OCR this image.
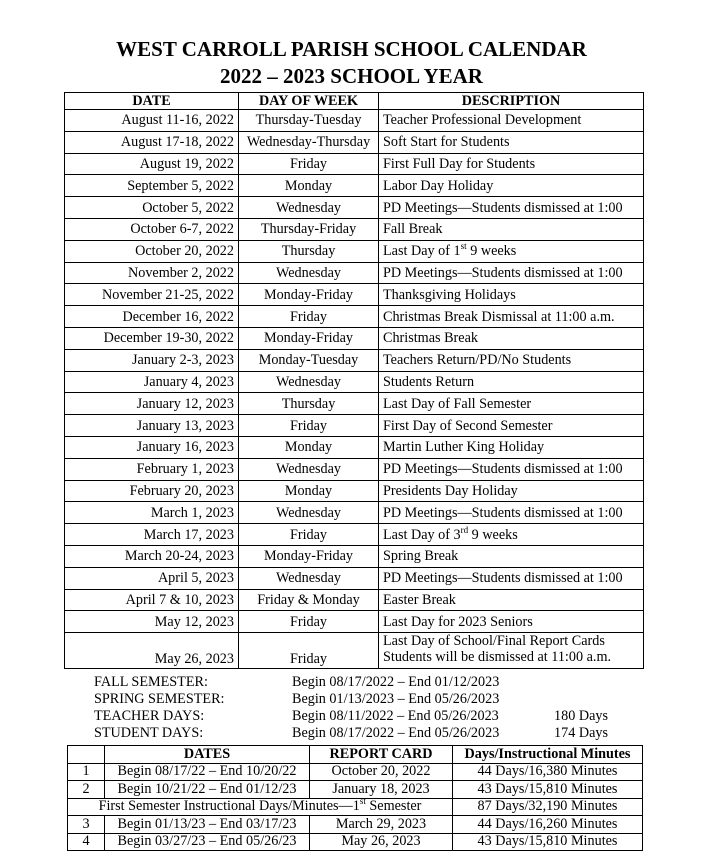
WEST CARROLL PARISH SCHOOL CALENDAR
2022 – 2023 SCHOOL YEAR
DATE	DAY OF WEEK	DESCRIPTION
August 11-16, 2022	Thursday-Tuesday	Teacher Professional Development
August 17-18, 2022	Wednesday-Thursday	Soft Start for Students
August 19, 2022	Friday	First Full Day for Students
September 5, 2022	Monday	Labor Day Holiday
October 5, 2022	Wednesday	PD Meetings—Students dismissed at 1:00
October 6-7, 2022	Thursday-Friday	Fall Break
October 20, 2022	Thursday	Last Day of 1st 9 weeks
November 2, 2022	Wednesday	PD Meetings—Students dismissed at 1:00
November 21-25, 2022	Monday-Friday	Thanksgiving Holidays
December 16, 2022	Friday	Christmas Break Dismissal at 11:00 a.m.
December 19-30, 2022	Monday-Friday	Christmas Break
January 2-3, 2023	Monday-Tuesday	Teachers Return/PD/No Students
January 4, 2023	Wednesday	Students Return
January 12, 2023	Thursday	Last Day of Fall Semester
January 13, 2023	Friday	First Day of Second Semester
January 16, 2023	Monday	Martin Luther King Holiday
February 1, 2023	Wednesday	PD Meetings—Students dismissed at 1:00
February 20, 2023	Monday	Presidents Day Holiday
March 1, 2023	Wednesday	PD Meetings—Students dismissed at 1:00
March 17, 2023	Friday	Last Day of 3rd 9 weeks
March 20-24, 2023	Monday-Friday	Spring Break
April 5, 2023	Wednesday	PD Meetings—Students dismissed at 1:00
April 7 & 10, 2023	Friday & Monday	Easter Break
May 12, 2023	Friday	Last Day for 2023 Seniors
May 26, 2023	Friday	Last Day of School/Final Report Cards
Students will be dismissed at 11:00 a.m.
FALL SEMESTER:	Begin 08/17/2022 – End 01/12/2023
SPRING SEMESTER:	Begin 01/13/2023 – End 05/26/2023
TEACHER DAYS:	Begin 08/11/2022 – End 05/26/2023	180 Days
STUDENT DAYS:	Begin 08/17/2022 – End 05/26/2023	174 Days
	DATES	REPORT CARD	Days/Instructional Minutes
1	Begin 08/17/22 – End 10/20/22	October 20, 2022	44 Days/16,380 Minutes
2	Begin 10/21/22 – End 01/12/23	January 18, 2023	43 Days/15,810 Minutes
First Semester Instructional Days/Minutes—1st Semester			87 Days/32,190 Minutes
3	Begin 01/13/23 – End 03/17/23	March 29, 2023	44 Days/16,260 Minutes
4	Begin 03/27/23 – End 05/26/23	May 26, 2023	43 Days/15,810 Minutes
